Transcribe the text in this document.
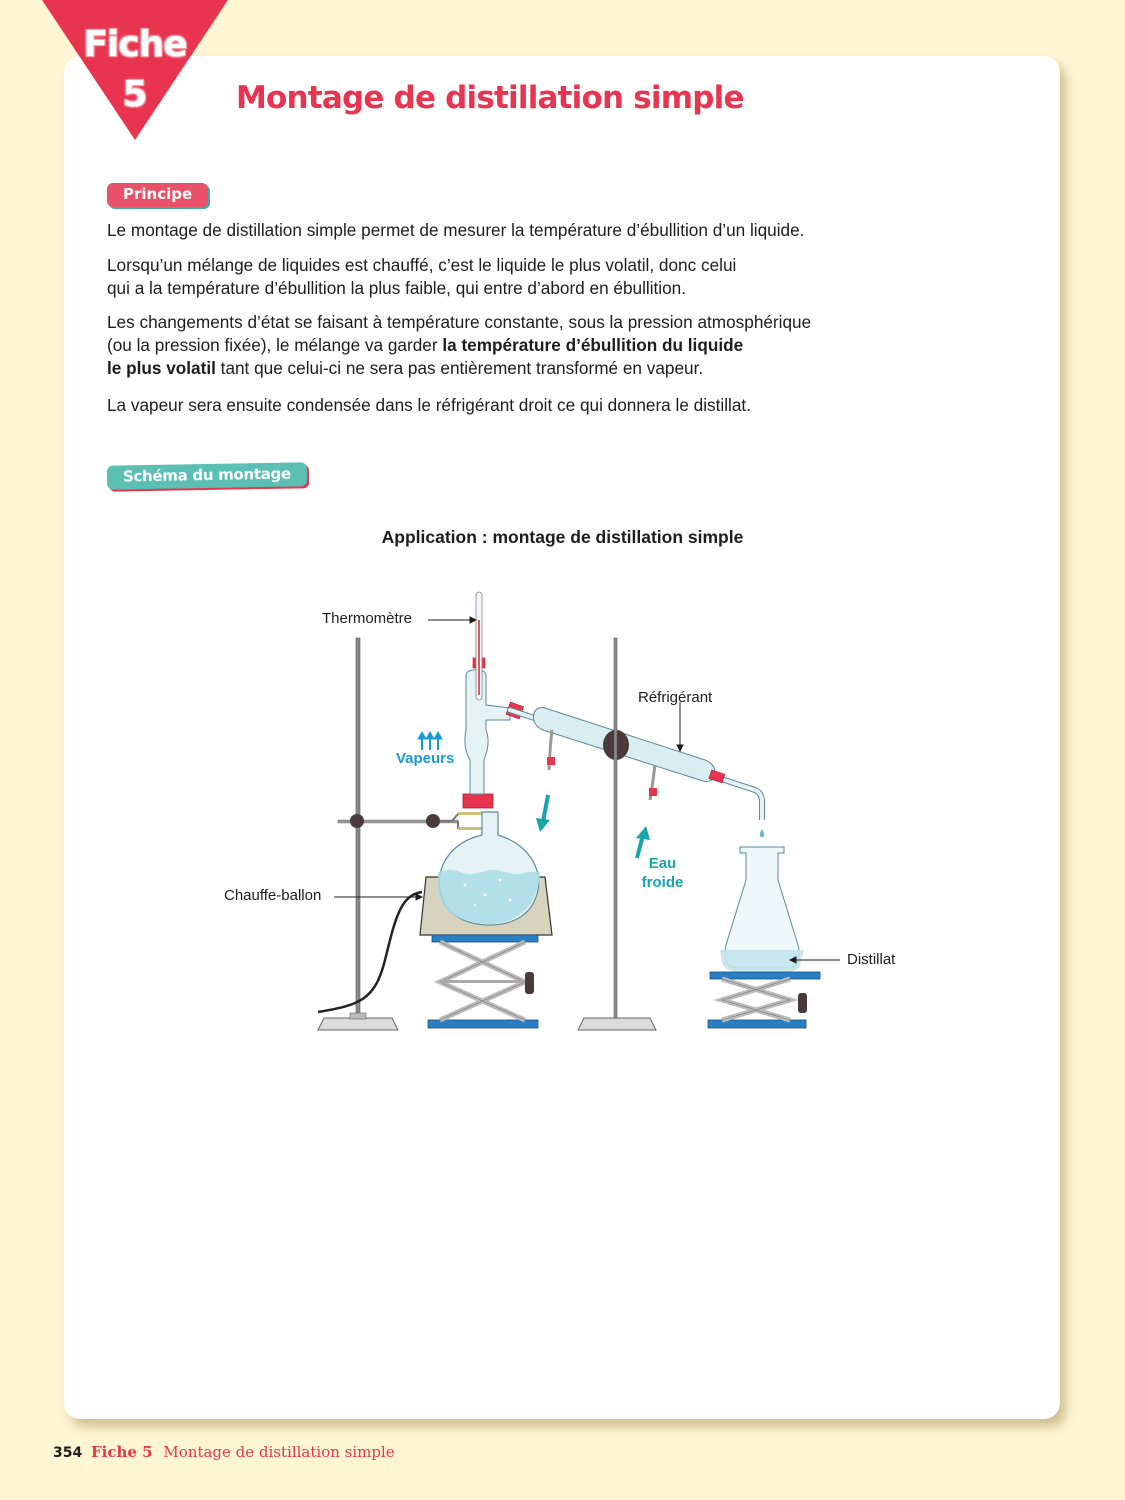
Fiche
5	Montage de distillation simple
Principe

Le montage de distillation simple permet de mesurer la température d’ébullition d’un liquide.

Lorsqu’un mélange de liquides est chauffé, c’est le liquide le plus volatil, donc celui
qui a la température d’ébullition la plus faible, qui entre d’abord en ébullition.

Les changements d’état se faisant à température constante, sous la pression atmosphérique
(ou la pression fixée), le mélange va garder la température d’ébullition du liquide
le plus volatil tant que celui-ci ne sera pas entièrement transformé en vapeur.

La vapeur sera ensuite condensée dans le réfrigérant droit ce qui donnera le distillat.

Schéma du montage
Application : montage de distillation simple
Thermomètre
Réfrigérant
Vapeurs
Eau
froide
Chauffe-ballon
Distillat
354 Fiche 5 Montage de distillation simple
